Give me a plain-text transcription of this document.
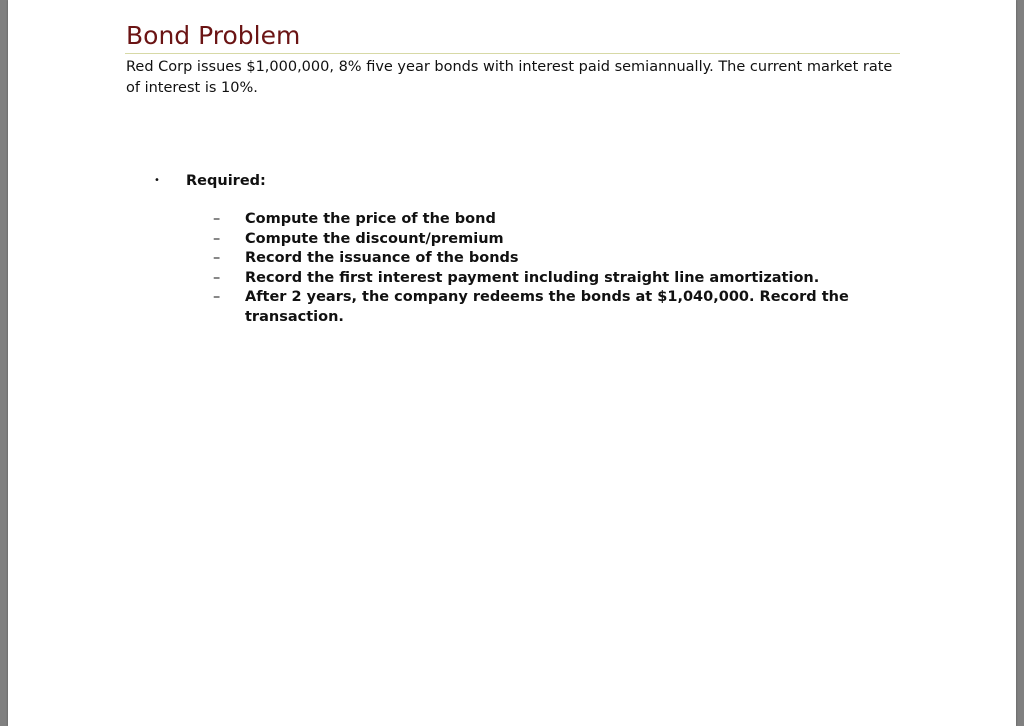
Bond Problem

Red Corp issues $1,000,000, 8% five year bonds with interest paid semiannually. The current market rate of interest is 10%.

• Required:
– Compute the price of the bond
– Compute the discount/premium
– Record the issuance of the bonds
– Record the first interest payment including straight line amortization.
– After 2 years, the company redeems the bonds at $1,040,000. Record the transaction.
